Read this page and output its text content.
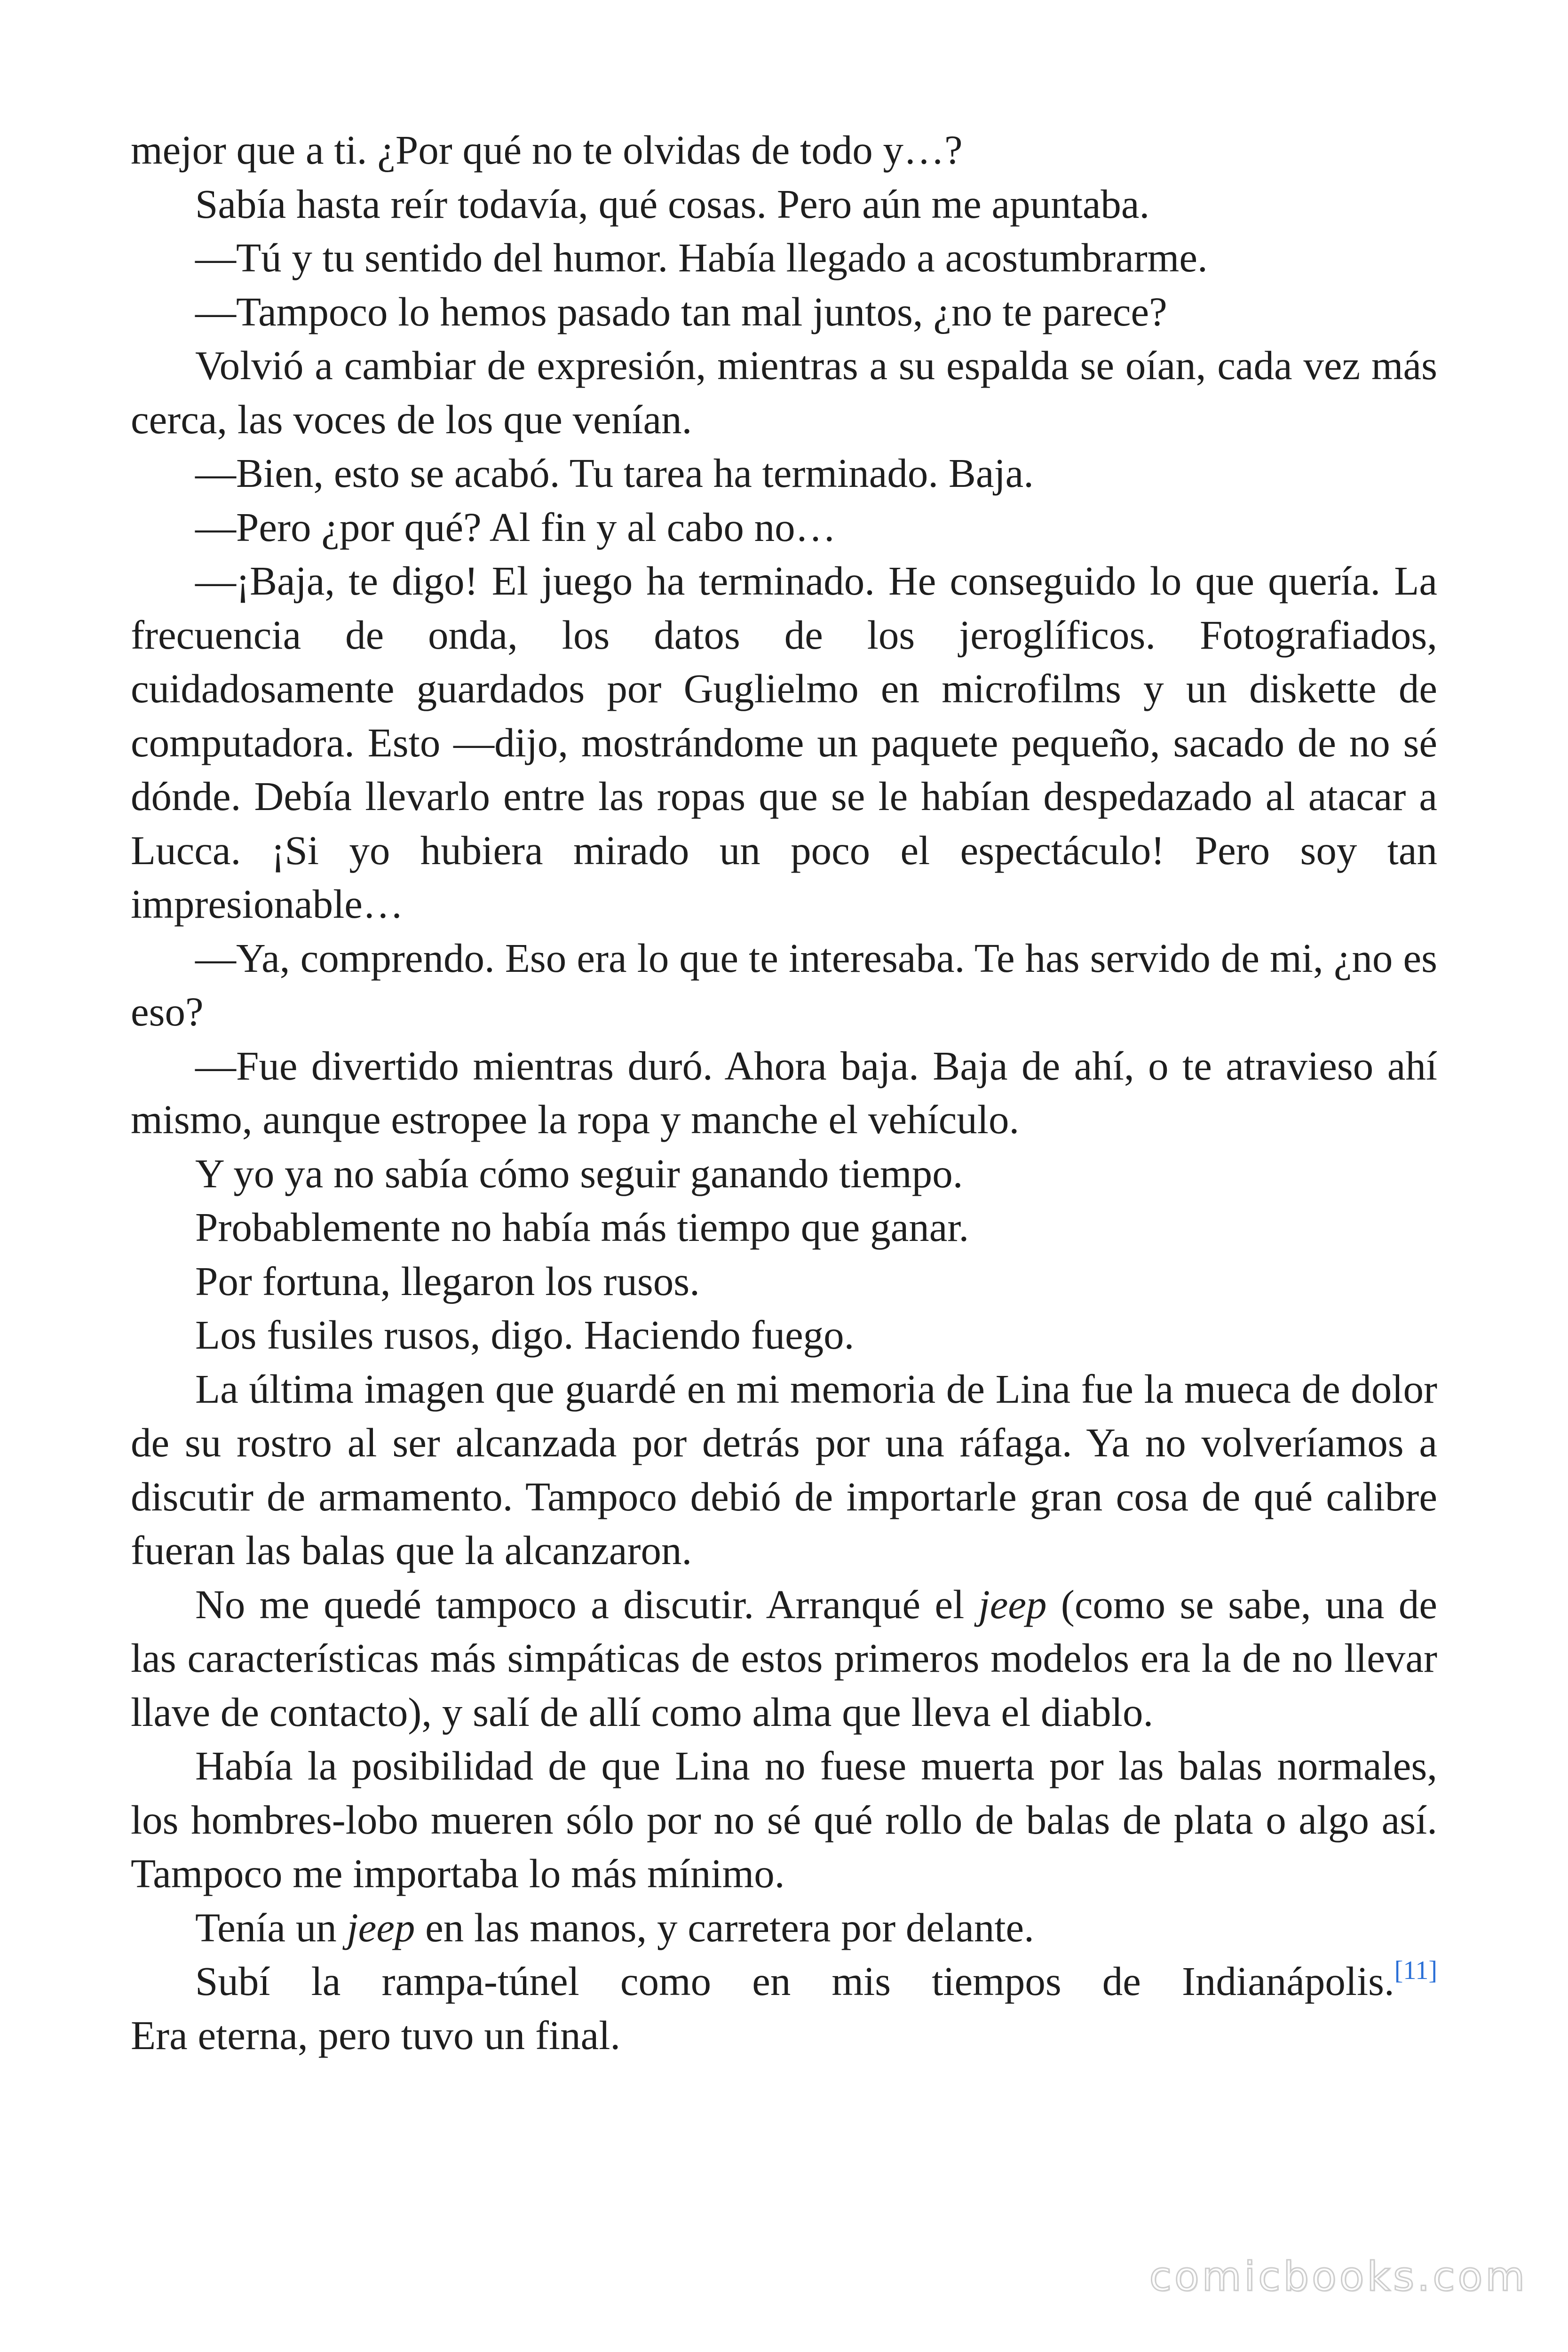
mejor que a ti. ¿Por qué no te olvidas de todo y…?

Sabía hasta reír todavía, qué cosas. Pero aún me apuntaba.

—Tú y tu sentido del humor. Había llegado a acostumbrarme.

—Tampoco lo hemos pasado tan mal juntos, ¿no te parece?

Volvió a cambiar de expresión, mientras a su espalda se oían, cada vez más cerca, las voces de los que venían.

—Bien, esto se acabó. Tu tarea ha terminado. Baja.

—Pero ¿por qué? Al fin y al cabo no…

—¡Baja, te digo! El juego ha terminado. He conseguido lo que quería. La frecuencia de onda, los datos de los jeroglíficos. Fotografiados, cuidadosamente guardados por Guglielmo en microfilms y un diskette de computadora. Esto —dijo, mostrándome un paquete pequeño, sacado de no sé dónde. Debía llevarlo entre las ropas que se le habían despedazado al atacar a Lucca. ¡Si yo hubiera mirado un poco el espectáculo! Pero soy tan impresionable…

—Ya, comprendo. Eso era lo que te interesaba. Te has servido de mi, ¿no es eso?

—Fue divertido mientras duró. Ahora baja. Baja de ahí, o te atravieso ahí mismo, aunque estropee la ropa y manche el vehículo.

Y yo ya no sabía cómo seguir ganando tiempo.

Probablemente no había más tiempo que ganar.

Por fortuna, llegaron los rusos.

Los fusiles rusos, digo. Haciendo fuego.

La última imagen que guardé en mi memoria de Lina fue la mueca de dolor de su rostro al ser alcanzada por detrás por una ráfaga. Ya no volveríamos a discutir de armamento. Tampoco debió de importarle gran cosa de qué calibre fueran las balas que la alcanzaron.

No me quedé tampoco a discutir. Arranqué el jeep (como se sabe, una de las características más simpáticas de estos primeros modelos era la de no llevar llave de contacto), y salí de allí como alma que lleva el diablo.

Había la posibilidad de que Lina no fuese muerta por las balas normales, los hombres-lobo mueren sólo por no sé qué rollo de balas de plata o algo así. Tampoco me importaba lo más mínimo.

Tenía un jeep en las manos, y carretera por delante.

Subí la rampa-túnel como en mis tiempos de Indianápolis.[11]

Era eterna, pero tuvo un final.

comicbooks.com
